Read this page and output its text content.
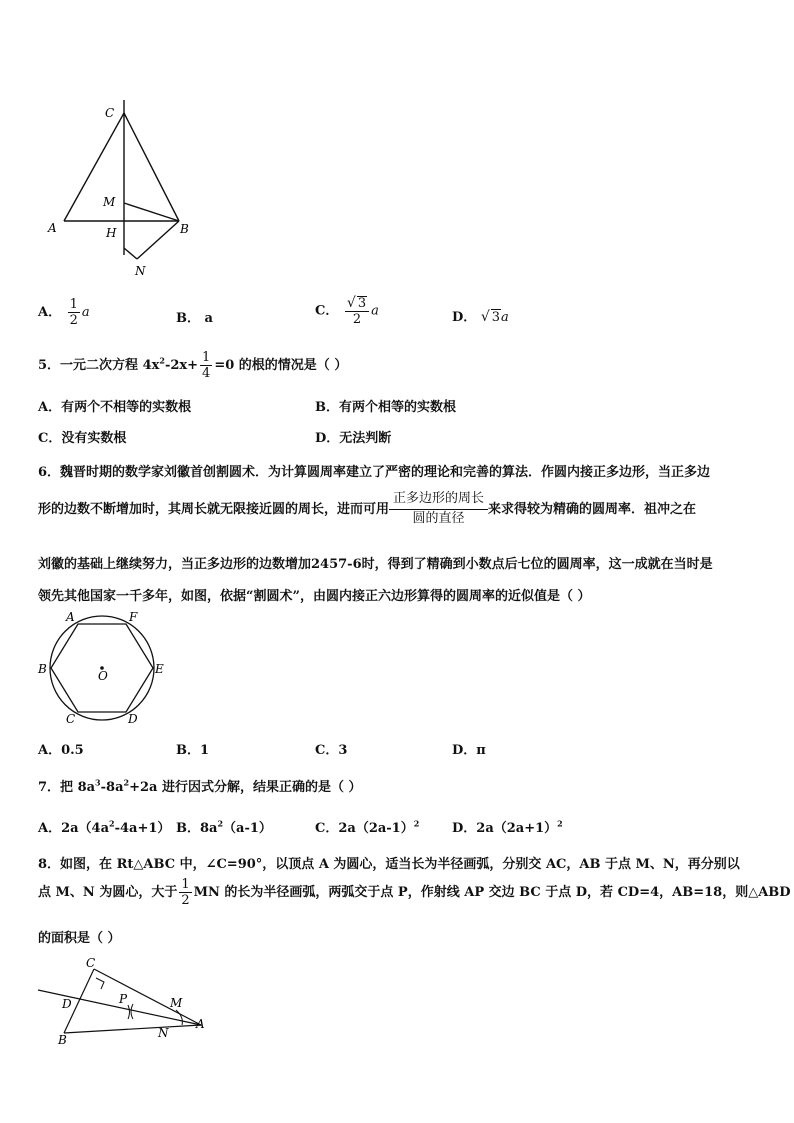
C
M
A	H	B
N
A． $\frac{1}{2}$ a	B． a	C． $\frac{√ 3}{2}$ a	D． √ 3a
5．一元二次方程 $4x^2-2x+ \frac{1}{4} =0$ 的根的情况是（ ）
A．有两个不相等的实数根	B．有两个相等的实数根
C．没有实数根	D．无法判断
6．魏晋时期的数学家刘徽首创割圆术．为计算圆周率建立了严密的理论和完善的算法．作圆内接正多边形，当正多边
形的边数不断增加时，其周长就无限接近圆的周长，进而可用 $\frac{\text{正多边形的周长}}{\text{圆的直径}}$ 来求得较为精确的圆周率．祖冲之在
刘徽的基础上继续努力，当正多边形的边数增加2457-6时，得到了精确到小数点后七位的圆周率，这一成就在当时是
领先其他国家一千多年，如图，依据“割圆术”，由圆内接正六边形算得的圆周率的近似值是（ ）
A	F
B	O	E
C	D
A．0.5	B．1	C．3	D．π
7．把 $8a^3-8a^2+2a$ 进行因式分解，结果正确的是（ ）
A．$2a(4a^2-4a+1)$ B．$8a^2(a-1)$	C．$2a(2a-1)^2$	D．$2a(2a+1)^2$
8．如图，在 Rt△ABC 中，∠C=90°，以顶点 A 为圆心，适当长为半径画弧，分别交 AC，AB 于点 M、N，再分别以
点 M、N 为圆心，大于 $\frac{1}{2}$ MN 的长为半径画弧，两弧交于点 P，作射线 AP 交边 BC 于点 D，若 CD=4，AB=18，则△ABD
的面积是（ ）
C
D	P	M
N
A
B
